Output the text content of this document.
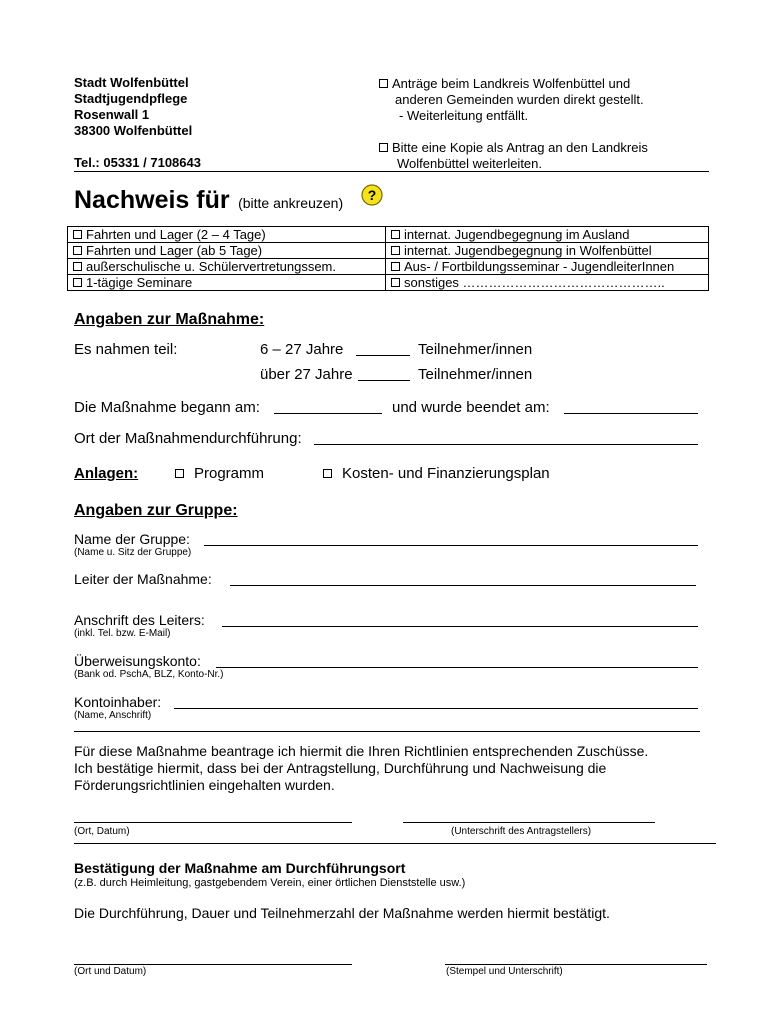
Stadt Wolfenbüttel
Stadtjugendpflege
Rosenwall 1
38300 Wolfenbüttel
Tel.: 05331 / 7108643
Anträge beim Landkreis Wolfenbüttel und
anderen Gemeinden wurden direkt gestellt.
- Weiterleitung entfällt.
Bitte eine Kopie als Antrag an den Landkreis
Wolfenbüttel weiterleiten.
Nachweis für (bitte ankreuzen) ?
Fahrten und Lager (2 – 4 Tage)	internat. Jugendbegegnung im Ausland
Fahrten und Lager (ab 5 Tage)	internat. Jugendbegegnung in Wolfenbüttel
außerschulische u. Schülervertretungssem.	Aus- / Fortbildungsseminar - JugendleiterInnen
1-tägige Seminare	sonstiges ………………………………………..
Angaben zur Maßnahme:
Es nahmen teil:	6 – 27 Jahre	Teilnehmer/innen
über 27 Jahre	Teilnehmer/innen
Die Maßnahme begann am:	und wurde beendet am:
Ort der Maßnahmendurchführung:
Anlagen:	Programm	Kosten- und Finanzierungsplan
Angaben zur Gruppe:
Name der Gruppe:
(Name u. Sitz der Gruppe)
Leiter der Maßnahme:
Anschrift des Leiters:
(inkl. Tel. bzw. E-Mail)
Überweisungskonto:
(Bank od. PschA, BLZ, Konto-Nr.)
Kontoinhaber:
(Name, Anschrift)
Für diese Maßnahme beantrage ich hiermit die Ihren Richtlinien entsprechenden Zuschüsse.
Ich bestätige hiermit, dass bei der Antragstellung, Durchführung und Nachweisung die
Förderungsrichtlinien eingehalten wurden.
(Ort, Datum)	(Unterschrift des Antragstellers)
Bestätigung der Maßnahme am Durchführungsort
(z.B. durch Heimleitung, gastgebendem Verein, einer örtlichen Dienststelle usw.)
Die Durchführung, Dauer und Teilnehmerzahl der Maßnahme werden hiermit bestätigt.
(Ort und Datum)	(Stempel und Unterschrift)
